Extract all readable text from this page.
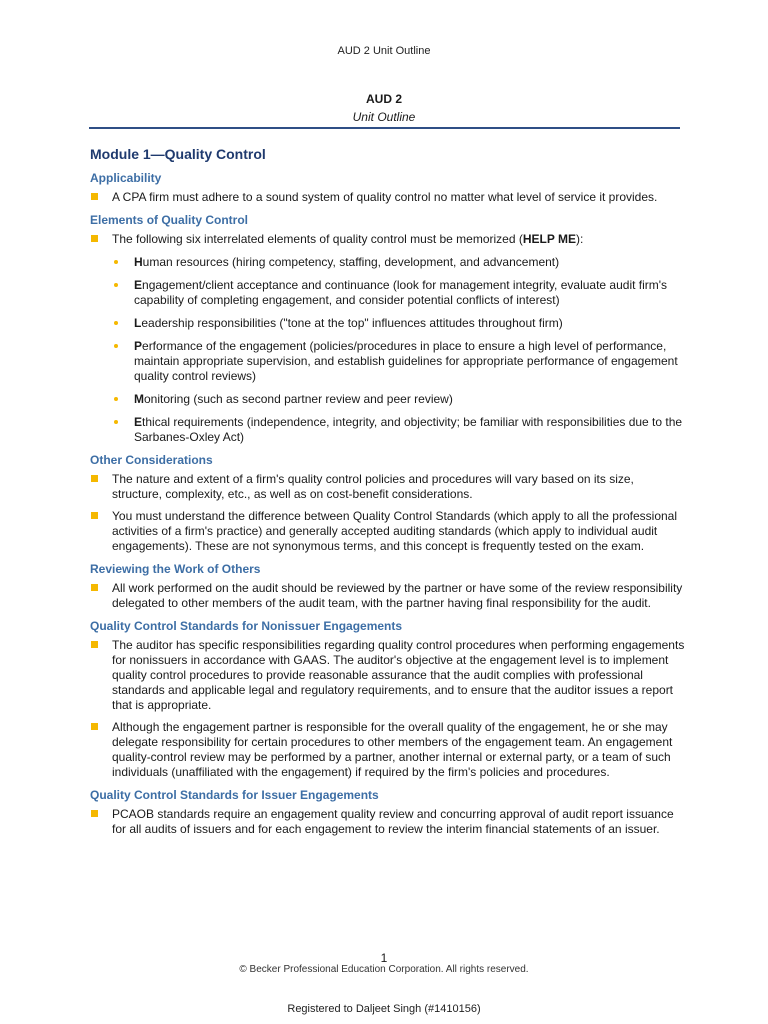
AUD 2 Unit Outline
AUD 2
Unit Outline
Module 1—Quality Control
Applicability
A CPA firm must adhere to a sound system of quality control no matter what level of service it provides.
Elements of Quality Control
The following six interrelated elements of quality control must be memorized (HELP ME):
Human resources (hiring competency, staffing, development, and advancement)
Engagement/client acceptance and continuance (look for management integrity, evaluate audit firm's capability of completing engagement, and consider potential conflicts of interest)
Leadership responsibilities ("tone at the top" influences attitudes throughout firm)
Performance of the engagement (policies/procedures in place to ensure a high level of performance, maintain appropriate supervision, and establish guidelines for appropriate performance of engagement quality control reviews)
Monitoring (such as second partner review and peer review)
Ethical requirements (independence, integrity, and objectivity; be familiar with responsibilities due to the Sarbanes-Oxley Act)
Other Considerations
The nature and extent of a firm's quality control policies and procedures will vary based on its size, structure, complexity, etc., as well as on cost-benefit considerations.
You must understand the difference between Quality Control Standards (which apply to all the professional activities of a firm's practice) and generally accepted auditing standards (which apply to individual audit engagements). These are not synonymous terms, and this concept is frequently tested on the exam.
Reviewing the Work of Others
All work performed on the audit should be reviewed by the partner or have some of the review responsibility delegated to other members of the audit team, with the partner having final responsibility for the audit.
Quality Control Standards for Nonissuer Engagements
The auditor has specific responsibilities regarding quality control procedures when performing engagements for nonissuers in accordance with GAAS. The auditor's objective at the engagement level is to implement quality control procedures to provide reasonable assurance that the audit complies with professional standards and applicable legal and regulatory requirements, and to ensure that the auditor issues a report that is appropriate.
Although the engagement partner is responsible for the overall quality of the engagement, he or she may delegate responsibility for certain procedures to other members of the engagement team. An engagement quality-control review may be performed by a partner, another internal or external party, or a team of such individuals (unaffiliated with the engagement) if required by the firm's policies and procedures.
Quality Control Standards for Issuer Engagements
PCAOB standards require an engagement quality review and concurring approval of audit report issuance for all audits of issuers and for each engagement to review the interim financial statements of an issuer.
1
© Becker Professional Education Corporation. All rights reserved.
Registered to Daljeet Singh (#1410156)
